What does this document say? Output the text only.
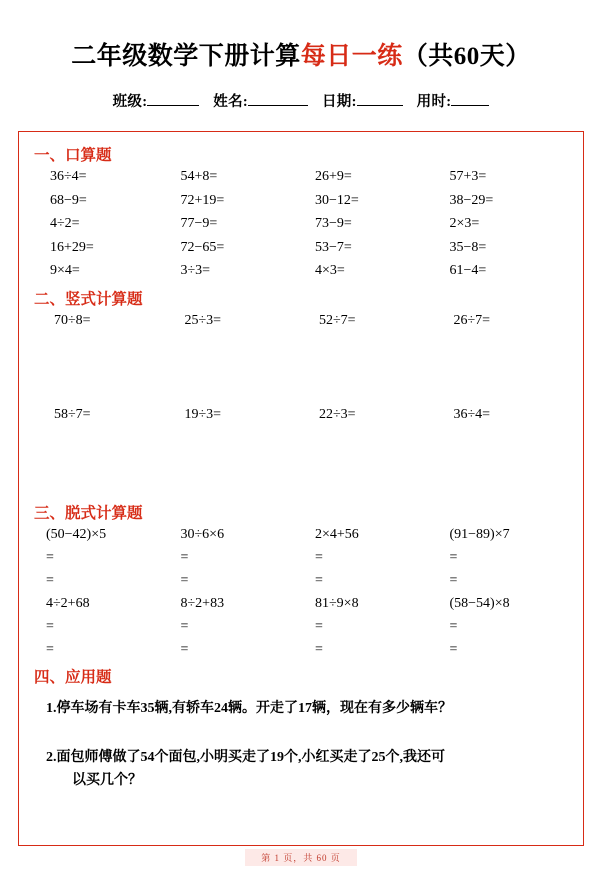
二年级数学下册计算每日一练（共60天）
班级:	姓名:	日期:	用时:
一、口算题
36÷4=	54+8=	26+9=	57+3=
68−9=	72+19=	30−12=	38−29=
4÷2=	77−9=	73−9=	2×3=
16+29=	72−65=	53−7=	35−8=
9×4=	3÷3=	4×3=	61−4=
二、竖式计算题
70÷8=	25÷3=	52÷7=	26÷7=
58÷7=	19÷3=	22÷3=	36÷4=
三、脱式计算题
(50−42)×5	30÷6×6	2×4+56	(91−89)×7
=	=	=	=
=	=	=	=
4÷2+68	8÷2+83	81÷9×8	(58−54)×8
=	=	=	=
=	=	=	=
四、应用题

1.停车场有卡车35辆,有轿车24辆。开走了17辆，现在有多少辆车？

2.面包师傅做了54个面包,小明买走了19个,小红买走了25个,我还可
以买几个？

第 1 页，共 60 页
